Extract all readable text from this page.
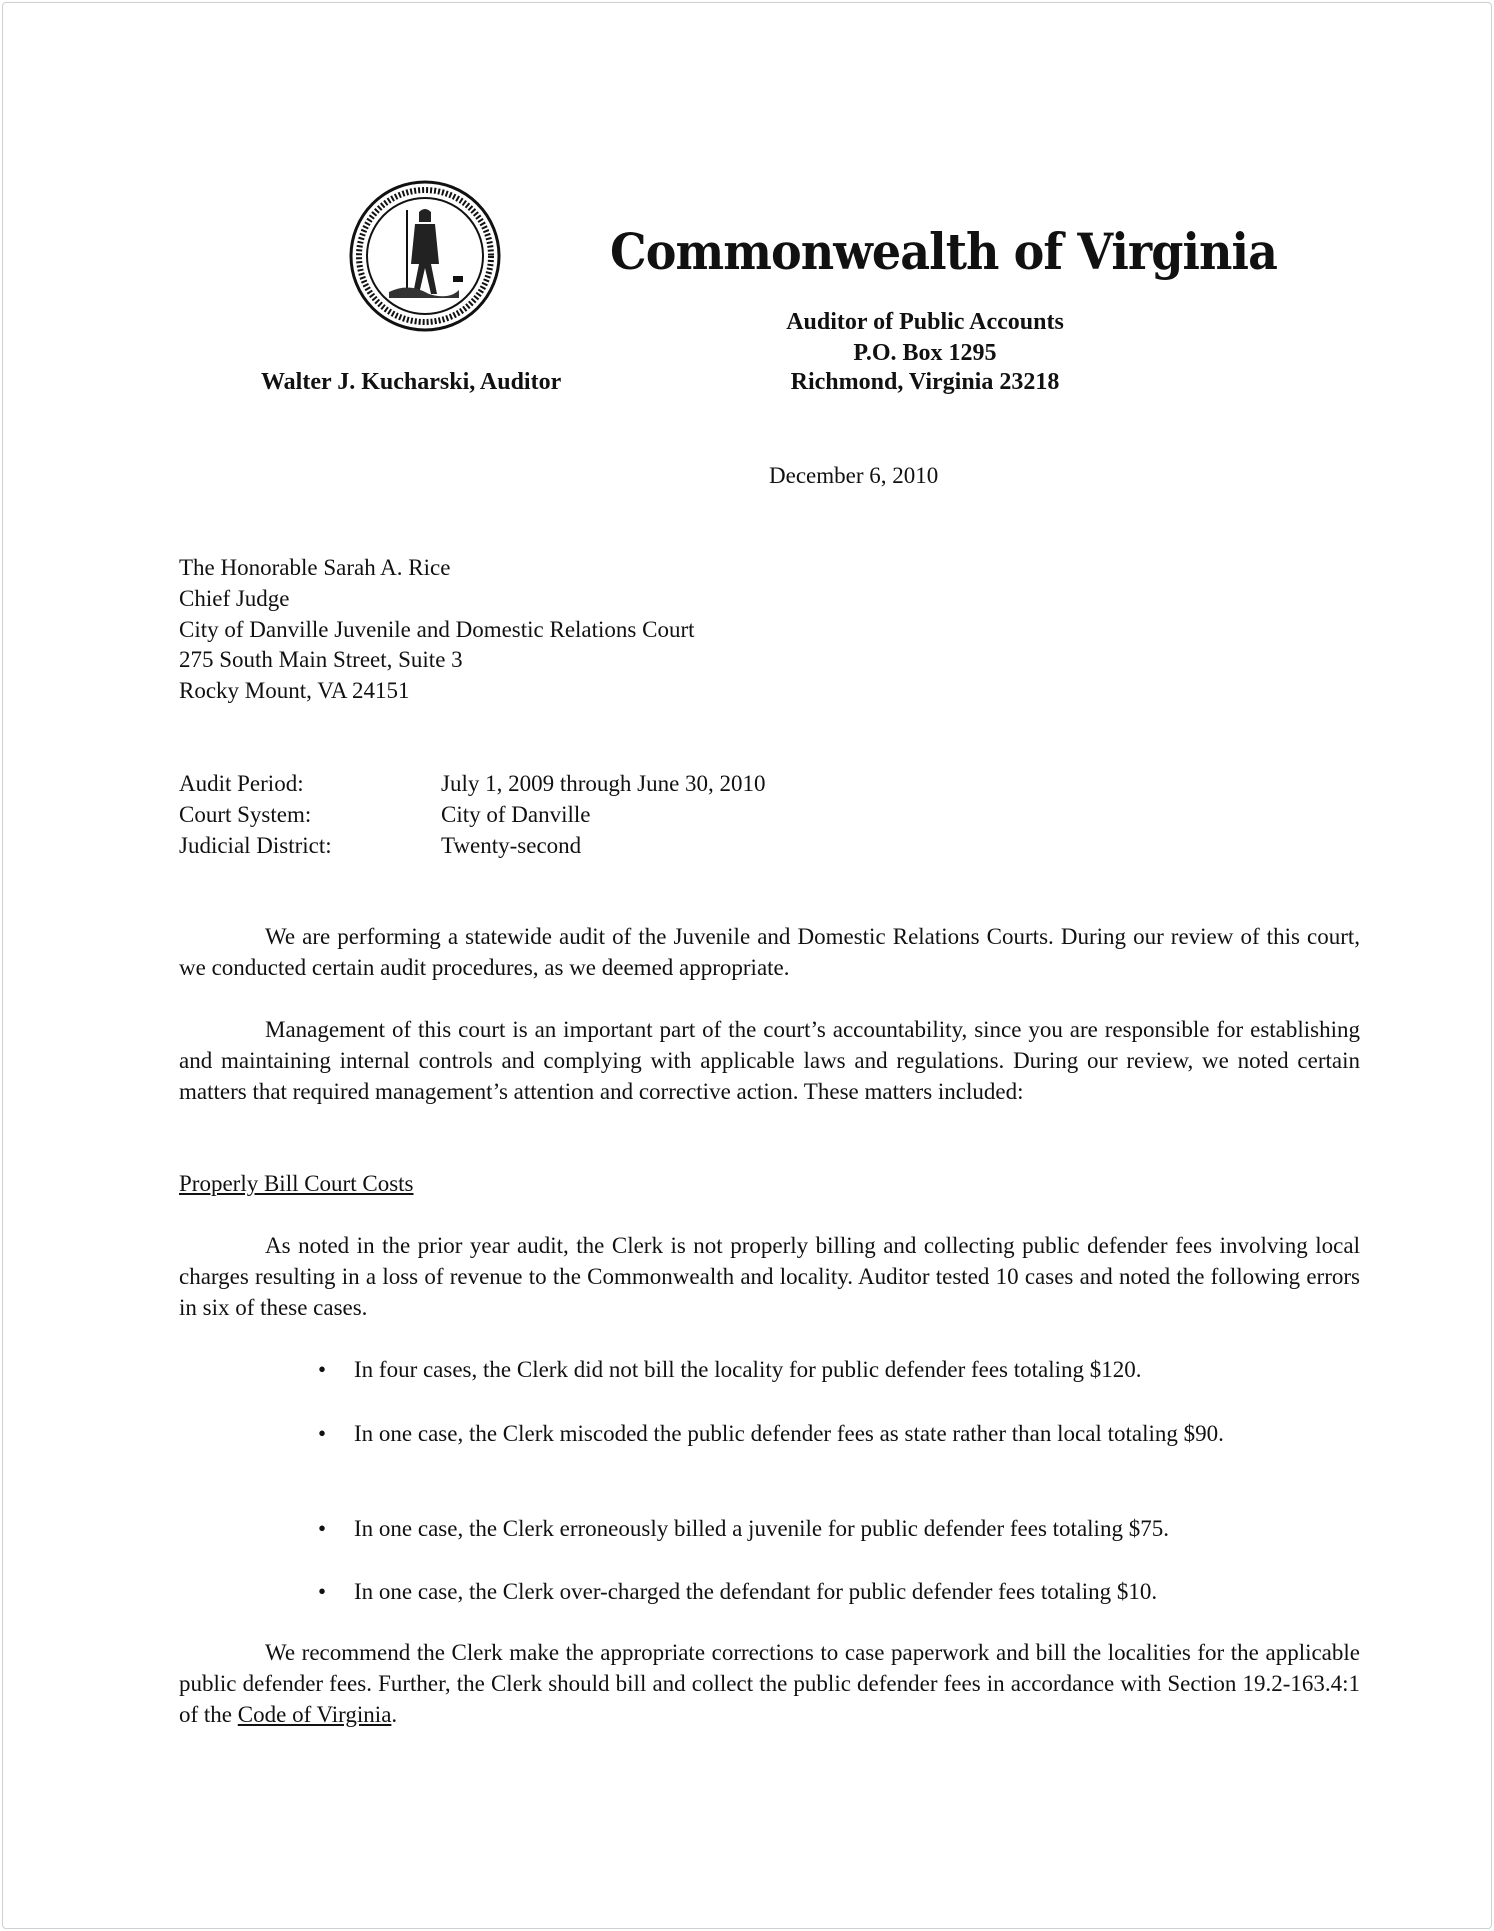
Commonwealth of Virginia
Auditor of Public Accounts
P.O. Box 1295
Richmond, Virginia 23218
Walter J. Kucharski, Auditor
December 6, 2010
The Honorable Sarah A. Rice
Chief Judge
City of Danville Juvenile and Domestic Relations Court
275 South Main Street, Suite 3
Rocky Mount, VA 24151
Audit Period:	July 1, 2009 through June 30, 2010
Court System:	City of Danville
Judicial District:	Twenty-second
We are performing a statewide audit of the Juvenile and Domestic Relations Courts. During our review of this court, we conducted certain audit procedures, as we deemed appropriate.
Management of this court is an important part of the court’s accountability, since you are responsible for establishing and maintaining internal controls and complying with applicable laws and regulations. During our review, we noted certain matters that required management’s attention and corrective action. These matters included:
Properly Bill Court Costs
As noted in the prior year audit, the Clerk is not properly billing and collecting public defender fees involving local charges resulting in a loss of revenue to the Commonwealth and locality. Auditor tested 10 cases and noted the following errors in six of these cases.
• In four cases, the Clerk did not bill the locality for public defender fees totaling $120.
• In one case, the Clerk miscoded the public defender fees as state rather than local totaling $90.
• In one case, the Clerk erroneously billed a juvenile for public defender fees totaling $75.
• In one case, the Clerk over-charged the defendant for public defender fees totaling $10.
We recommend the Clerk make the appropriate corrections to case paperwork and bill the localities for the applicable public defender fees. Further, the Clerk should bill and collect the public defender fees in accordance with Section 19.2-163.4:1 of the Code of Virginia.
